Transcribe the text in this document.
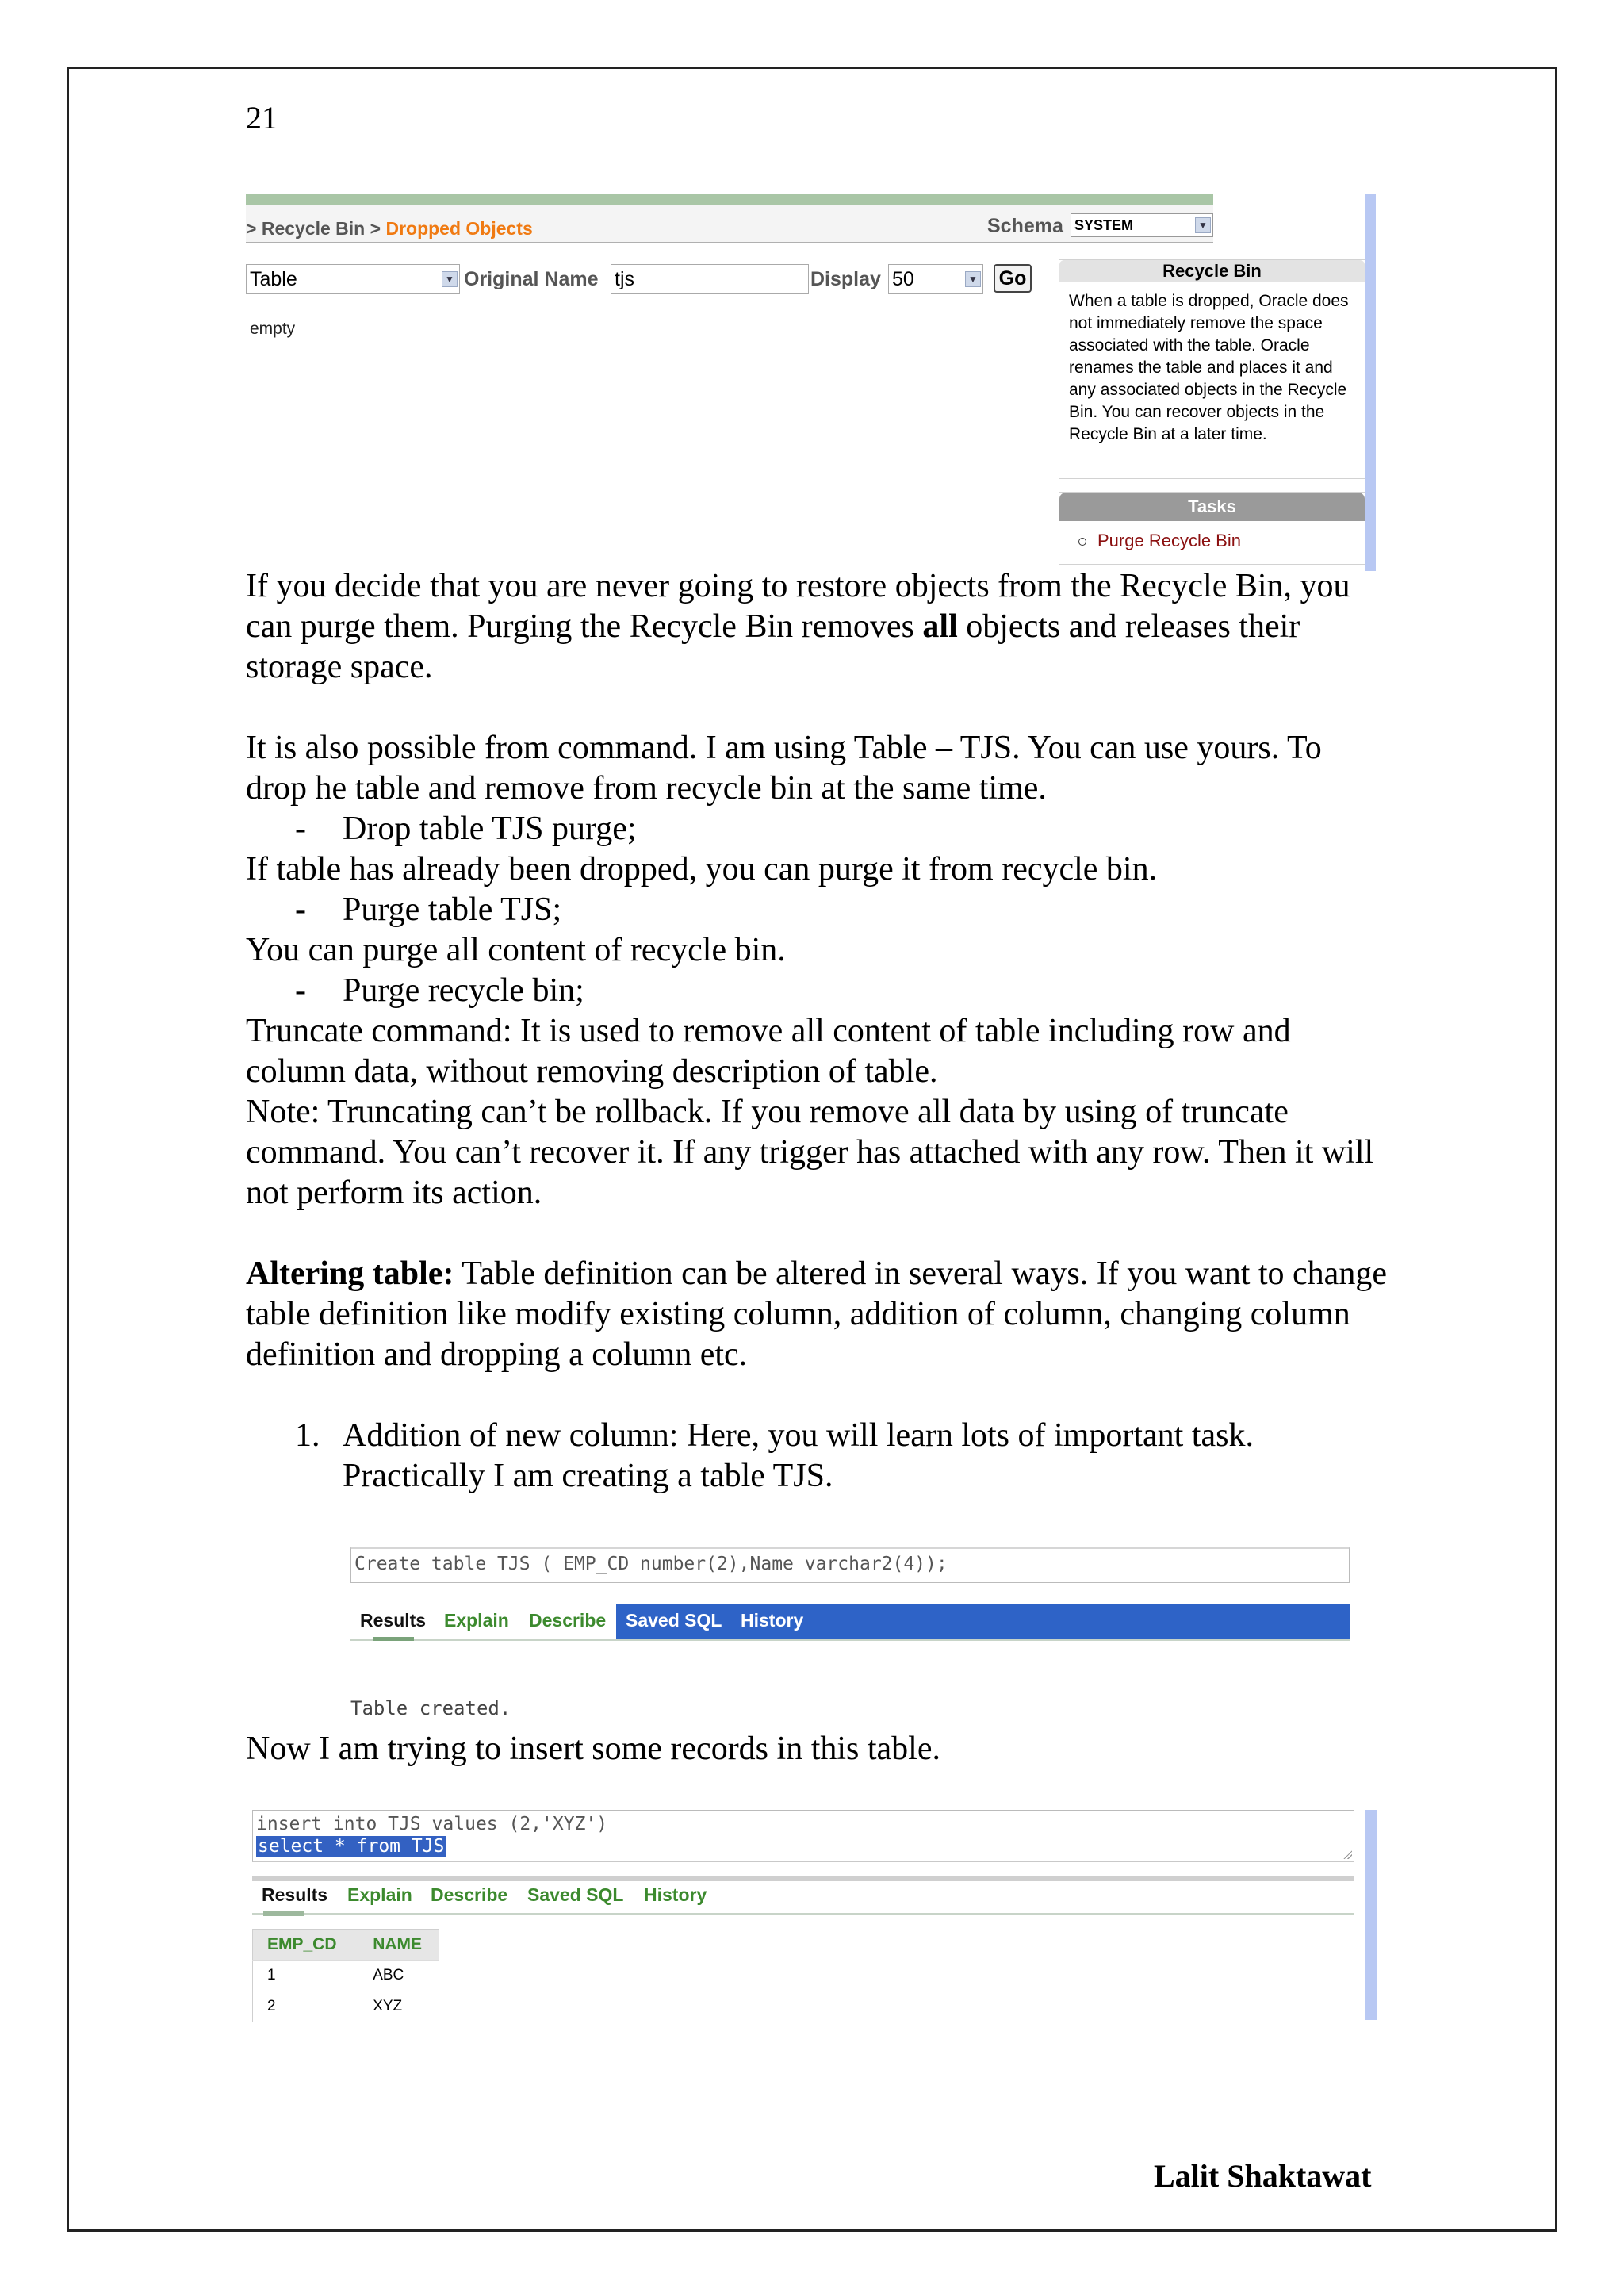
21
> Recycle Bin > Dropped Objects	Schema SYSTEM	▼
Table	▼ Original Name tjs	Display 50	▼ Go
empty
Recycle Bin
When a table is dropped, Oracle does not immediately remove the space associated with the table. Oracle renames the table and places it and any associated objects in the Recycle Bin. You can recover objects in the Recycle Bin at a later time.
Tasks
Purge Recycle Bin
If you decide that you are never going to restore objects from the Recycle Bin, you can purge them. Purging the Recycle Bin removes all objects and releases their storage space.
It is also possible from command. I am using Table – TJS. You can use yours. To drop he table and remove from recycle bin at the same time.
- Drop table TJS purge;
If table has already been dropped, you can purge it from recycle bin.
- Purge table TJS;
You can purge all content of recycle bin.
- Purge recycle bin;
Truncate command: It is used to remove all content of table including row and column data, without removing description of table.
Note: Truncating can’t be rollback. If you remove all data by using of truncate command. You can’t recover it. If any trigger has attached with any row. Then it will not perform its action.
Altering table: Table definition can be altered in several ways. If you want to change table definition like modify existing column, addition of column, changing column definition and dropping a column etc.
1. Addition of new column: Here, you will learn lots of important task.
Practically I am creating a table TJS.
Create table TJS ( EMP_CD number(2),Name varchar2(4));
Results Explain Describe Saved SQL History
Table created.
Now I am trying to insert some records in this table.
insert into TJS values (2,'XYZ')
select * from TJS
Results Explain Describe Saved SQL History
EMP_CD	NAME
1	ABC
2	XYZ
Lalit Shaktawat
